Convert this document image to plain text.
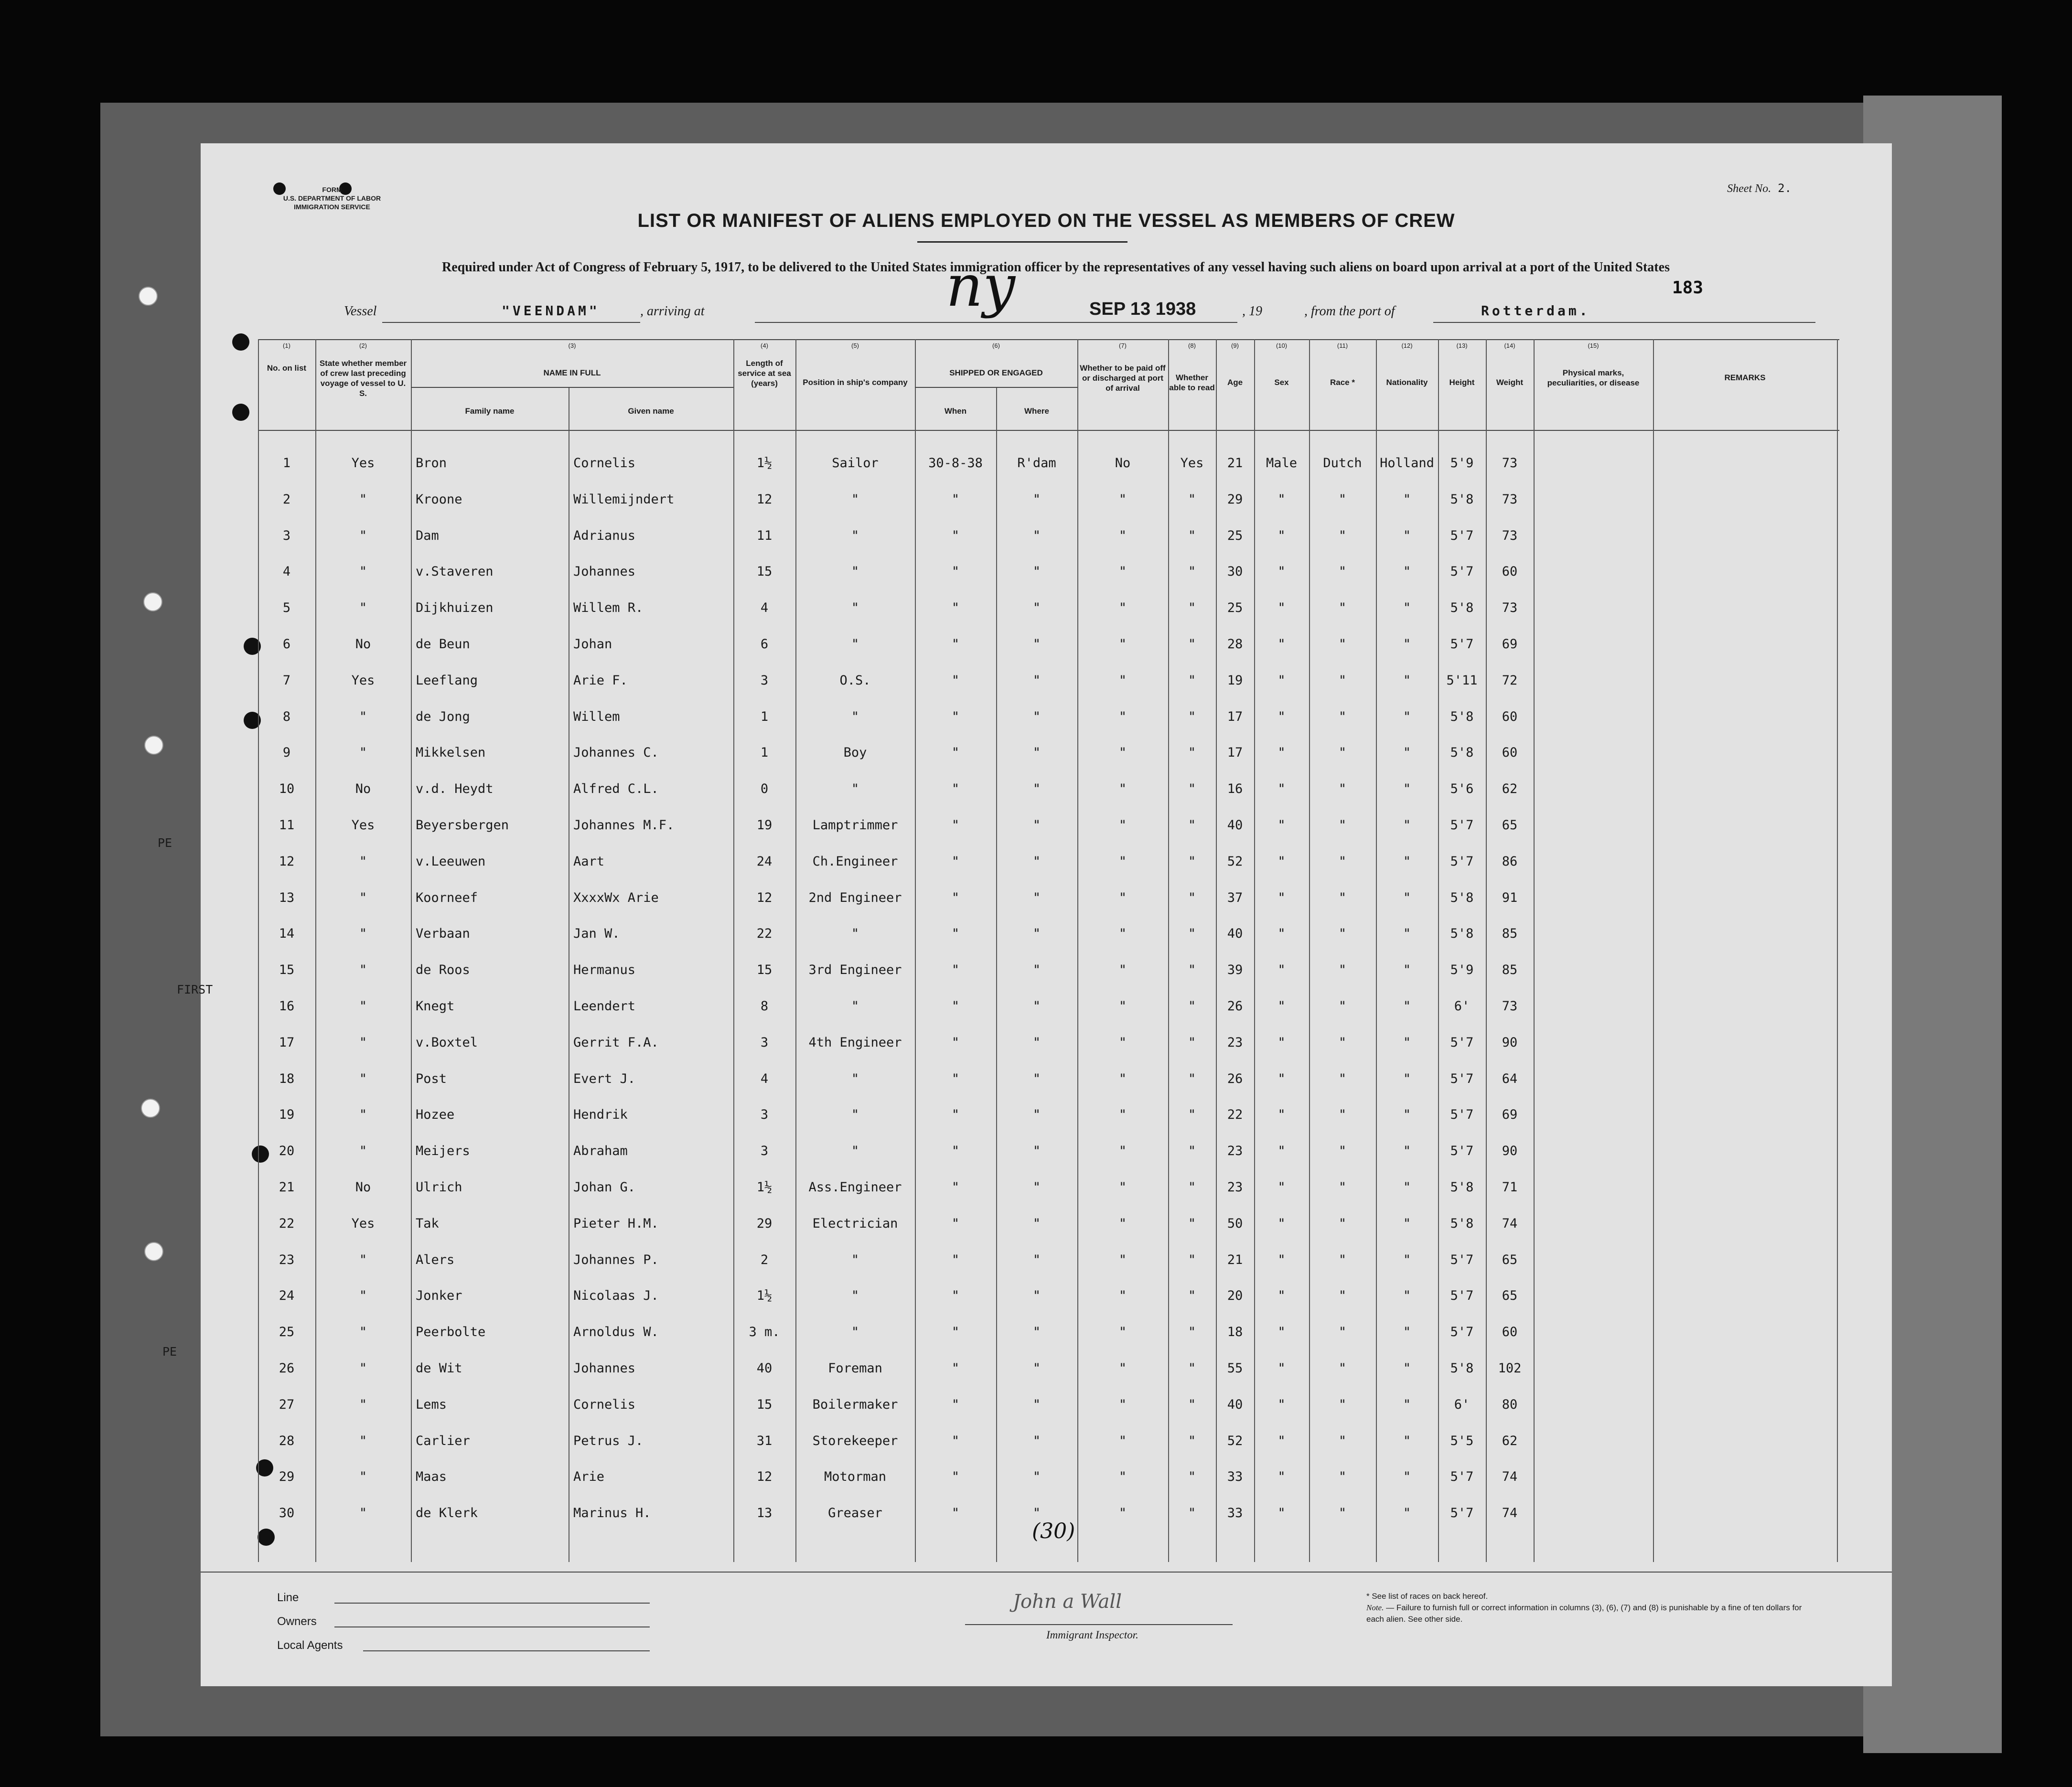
FORM
U.S. DEPARTMENT OF LABOR
IMMIGRATION SERVICE
Sheet No. 2.
LIST OR MANIFEST OF ALIENS EMPLOYED ON THE VESSEL AS MEMBERS OF CREW
Required under Act of Congress of February 5, 1917, to be delivered to the United States immigration officer by the representatives of any vessel having such aliens on board upon arrival at a port of the United States
183
Vessel	"VEENDAM"	, arriving at	ny	SEP 13 1938	, 19	, from the port of	Rotterdam.
(1)	(2)	(3)	(4)	(5)	(6)	(7)	(8)	(9)	(10)	(11)	(12)	(13)	(14)	(15)
No. on list
State whether member of crew last preceding voyage of vessel to U. S.
NAME IN FULL
Family name	Given name
Length of service at sea (years)	Position in ship's company
SHIPPED OR ENGAGED
When	Where
Whether to be paid off or discharged at port of arrival
Whether able to read
Age	Sex	Race *	Nationality	Height	Weight
Physical marks, peculiarities, or disease
REMARKS
1	Yes	Bron	Cornelis	1½	Sailor	30-8-38	R'dam	No	Yes	21	Male	Dutch	Holland	5'9	73
2	"	Kroone	Willemijndert	12	"	"	"	"	"	29	"	"	"	5'8	73
3	"	Dam	Adrianus	11	"	"	"	"	"	25	"	"	"	5'7	73
4	"	v.Staveren	Johannes	15	"	"	"	"	"	30	"	"	"	5'7	60
5	"	Dijkhuizen	Willem R.	4	"	"	"	"	"	25	"	"	"	5'8	73
6	No	de Beun	Johan	6	"	"	"	"	"	28	"	"	"	5'7	69
7	Yes	Leeflang	Arie F.	3	O.S.	"	"	"	"	19	"	"	"	5'11	72
8	"	de Jong	Willem	1	"	"	"	"	"	17	"	"	"	5'8	60
9	"	Mikkelsen	Johannes C.	1	Boy	"	"	"	"	17	"	"	"	5'8	60
10	No	v.d. Heydt	Alfred C.L.	0	"	"	"	"	"	16	"	"	"	5'6	62
11	Yes	Beyersbergen	Johannes M.F.	19	Lamptrimmer	"	"	"	"	40	"	"	"	5'7	65
12	"	v.Leeuwen	Aart	24	Ch.Engineer	"	"	"	"	52	"	"	"	5'7	86
13	"	Koorneef	XxxxWx Arie	12	2nd Engineer	"	"	"	"	37	"	"	"	5'8	91
14	"	Verbaan	Jan W.	22	"	"	"	"	"	40	"	"	"	5'8	85
15	"	de Roos	Hermanus	15	3rd Engineer	"	"	"	"	39	"	"	"	5'9	85
16	"	Knegt	Leendert	8	"	"	"	"	"	26	"	"	"	6'	73
17	"	v.Boxtel	Gerrit F.A.	3	4th Engineer	"	"	"	"	23	"	"	"	5'7	90
18	"	Post	Evert J.	4	"	"	"	"	"	26	"	"	"	5'7	64
19	"	Hozee	Hendrik	3	"	"	"	"	"	22	"	"	"	5'7	69
20	"	Meijers	Abraham	3	"	"	"	"	"	23	"	"	"	5'7	90
21	No	Ulrich	Johan G.	1½	Ass.Engineer	"	"	"	"	23	"	"	"	5'8	71
22	Yes	Tak	Pieter H.M.	29	Electrician	"	"	"	"	50	"	"	"	5'8	74
23	"	Alers	Johannes P.	2	"	"	"	"	"	21	"	"	"	5'7	65
24	"	Jonker	Nicolaas J.	1½	"	"	"	"	"	20	"	"	"	5'7	65
25	"	Peerbolte	Arnoldus W.	3 m.	"	"	"	"	"	18	"	"	"	5'7	60
26	"	de Wit	Johannes	40	Foreman	"	"	"	"	55	"	"	"	5'8	102
27	"	Lems	Cornelis	15	Boilermaker	"	"	"	"	40	"	"	"	6'	80
28	"	Carlier	Petrus J.	31	Storekeeper	"	"	"	"	52	"	"	"	5'5	62
29	"	Maas	Arie	12	Motorman	"	"	"	"	33	"	"	"	5'7	74
30	"	de Klerk	Marinus H.	13	Greaser	"	"	"	"	33	"	"	"	5'7	74
PE
FIRST
PE
(30)
Line
Owners
Local Agents
John a Wall
Immigrant Inspector.
* See list of races on back hereof.
Note. — Failure to furnish full or correct information in columns (3), (6), (7) and (8) is punishable by a fine of ten dollars for each alien. See other side.
